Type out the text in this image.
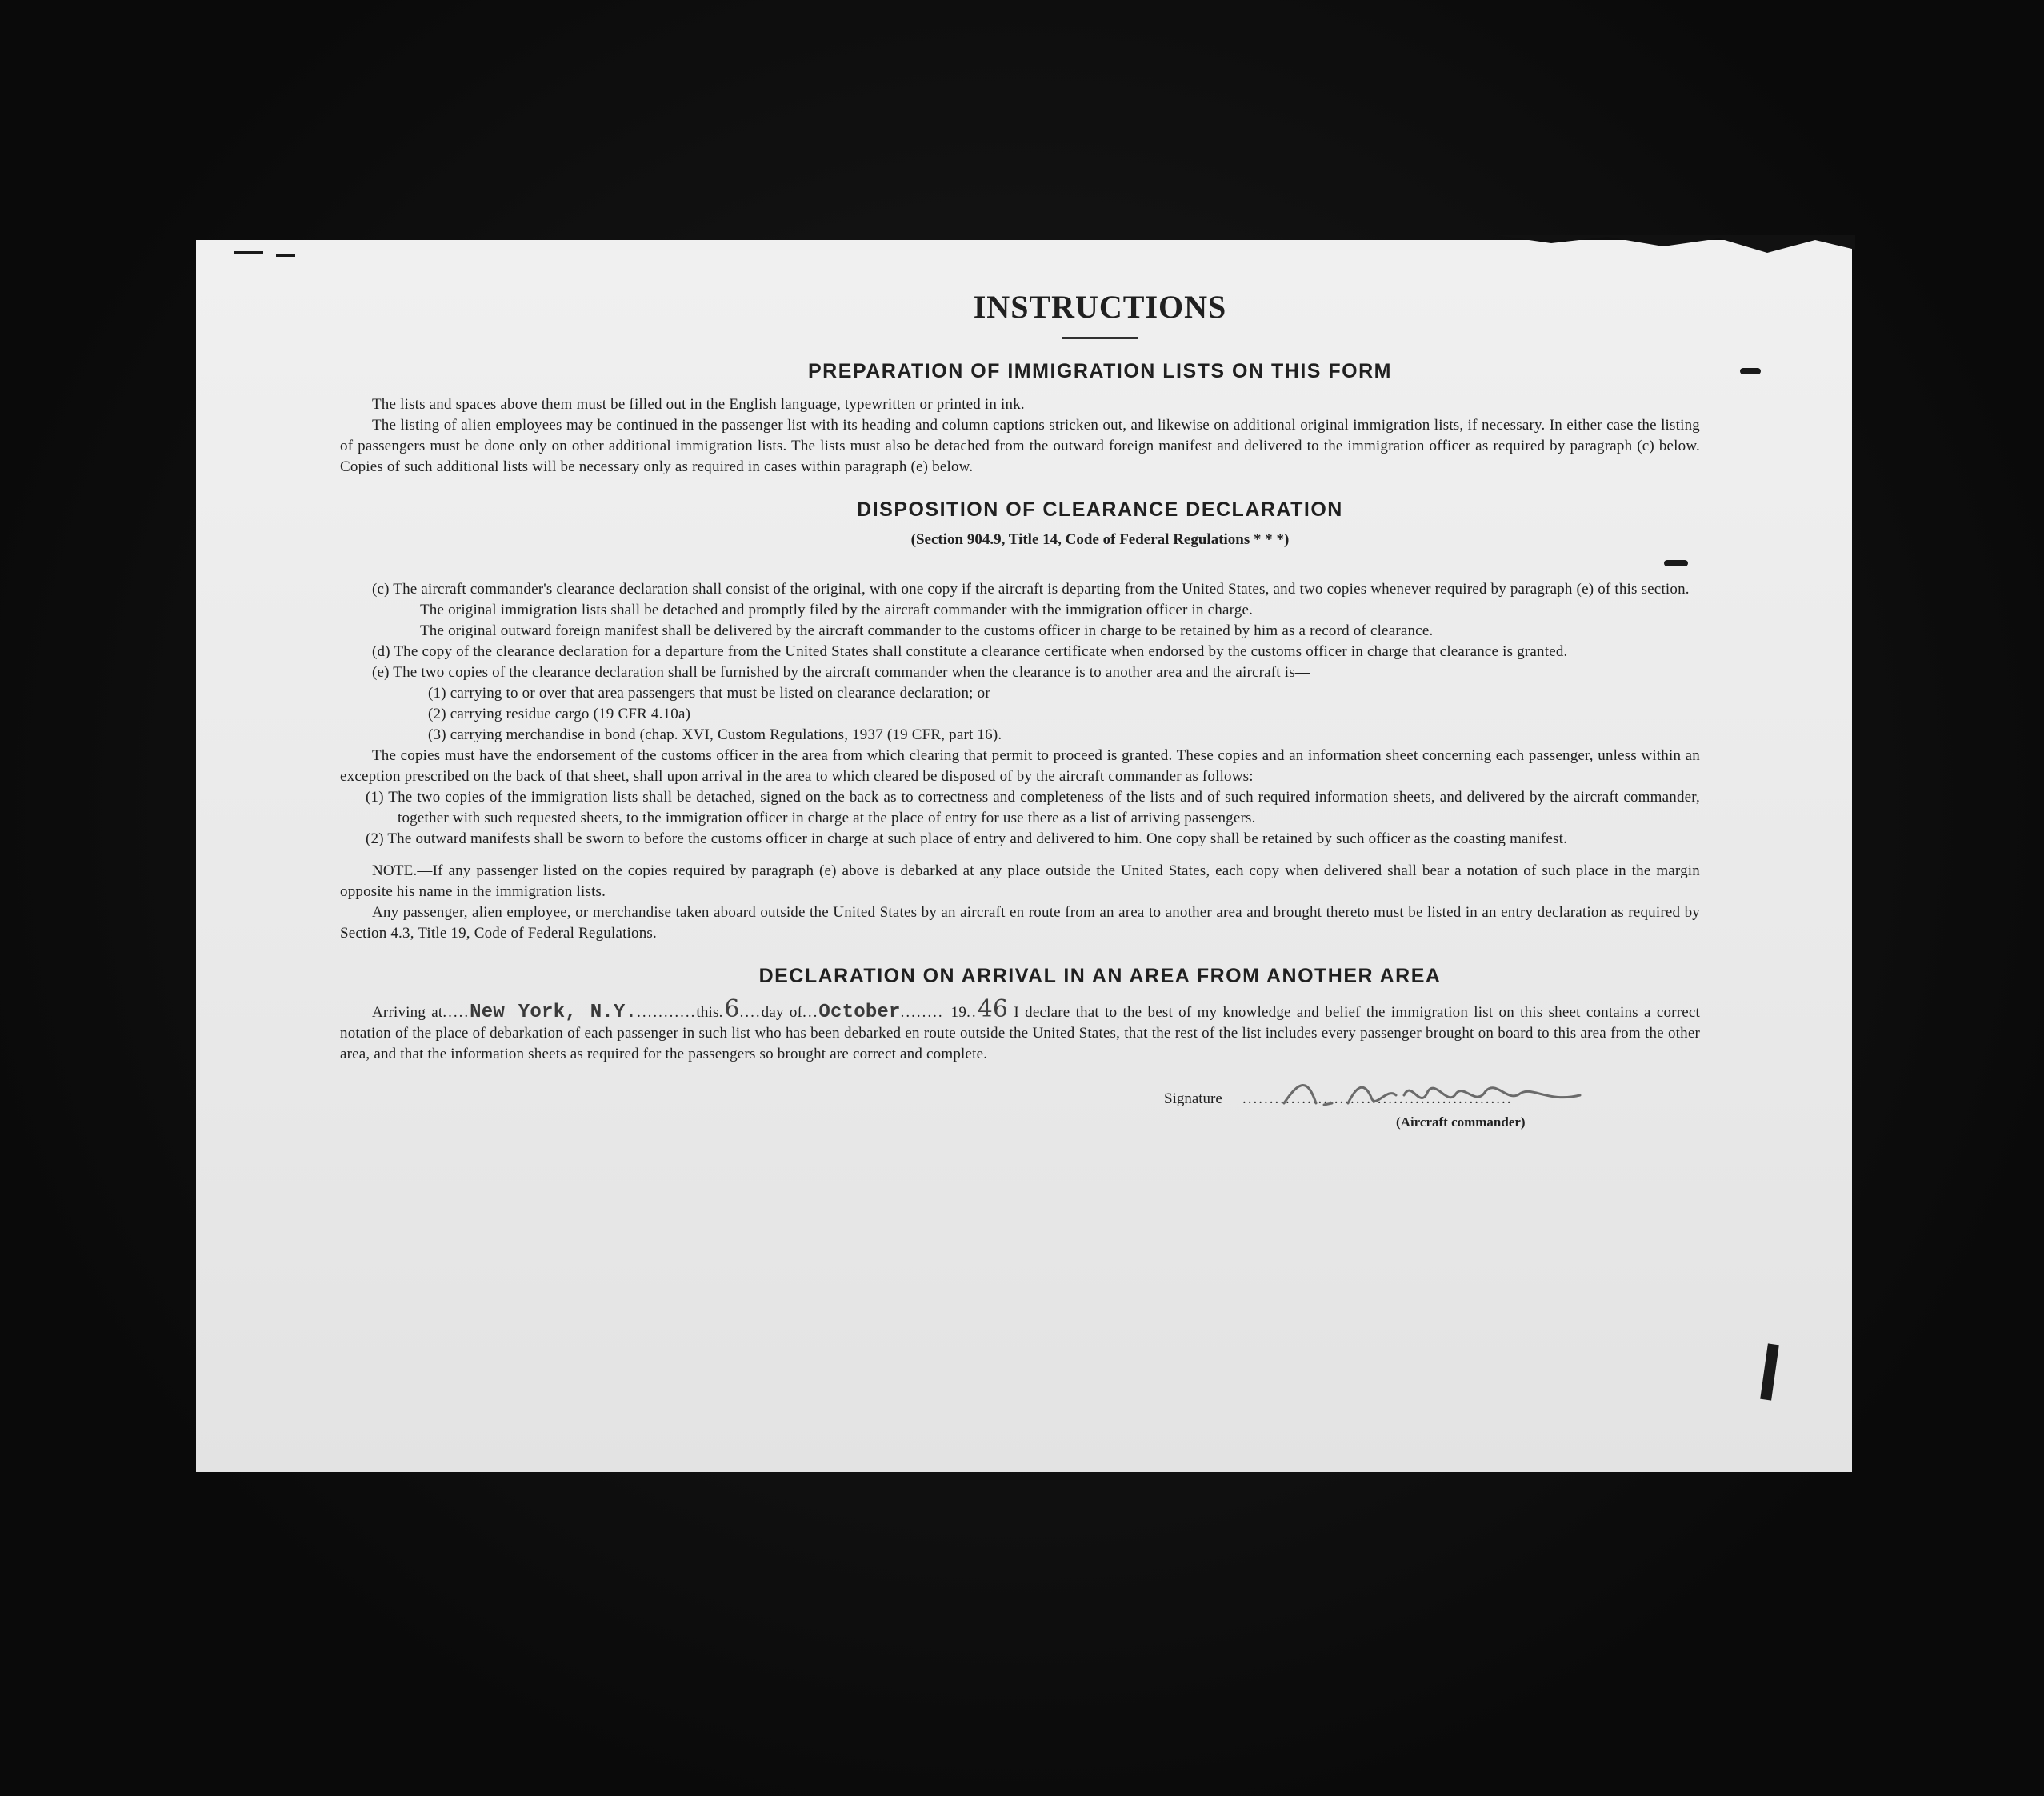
INSTRUCTIONS
PREPARATION OF IMMIGRATION LISTS ON THIS FORM

The lists and spaces above them must be filled out in the English language, typewritten or printed in ink.

The listing of alien employees may be continued in the passenger list with its heading and column captions stricken out, and likewise on additional original immigration lists, if necessary. In either case the listing of passengers must be done only on other additional immigration lists. The lists must also be detached from the outward foreign manifest and delivered to the immigration officer as required by paragraph (c) below. Copies of such additional lists will be necessary only as required in cases within paragraph (e) below.

DISPOSITION OF CLEARANCE DECLARATION
(Section 904.9, Title 14, Code of Federal Regulations * * *)

(c) The aircraft commander's clearance declaration shall consist of the original, with one copy if the aircraft is departing from the United States, and two copies whenever required by paragraph (e) of this section.

The original immigration lists shall be detached and promptly filed by the aircraft commander with the immigration officer in charge.

The original outward foreign manifest shall be delivered by the aircraft commander to the customs officer in charge to be retained by him as a record of clearance.

(d) The copy of the clearance declaration for a departure from the United States shall constitute a clearance certificate when endorsed by the customs officer in charge that clearance is granted.

(e) The two copies of the clearance declaration shall be furnished by the aircraft commander when the clearance is to another area and the aircraft is—

(1) carrying to or over that area passengers that must be listed on clearance declaration; or

(2) carrying residue cargo (19 CFR 4.10a)

(3) carrying merchandise in bond (chap. XVI, Custom Regulations, 1937 (19 CFR, part 16).

The copies must have the endorsement of the customs officer in the area from which clearing that permit to proceed is granted. These copies and an information sheet concerning each passenger, unless within an exception prescribed on the back of that sheet, shall upon arrival in the area to which cleared be disposed of by the aircraft commander as follows:

(1) The two copies of the immigration lists shall be detached, signed on the back as to correctness and completeness of the lists and of such required information sheets, and delivered by the aircraft commander, together with such requested sheets, to the immigration officer in charge at the place of entry for use there as a list of arriving passengers.

(2) The outward manifests shall be sworn to before the customs officer in charge at such place of entry and delivered to him. One copy shall be retained by such officer as the coasting manifest.

NOTE.—If any passenger listed on the copies required by paragraph (e) above is debarked at any place outside the United States, each copy when delivered shall bear a notation of such place in the margin opposite his name in the immigration lists.

Any passenger, alien employee, or merchandise taken aboard outside the United States by an aircraft en route from an area to another area and brought thereto must be listed in an entry declaration as required by Section 4.3, Title 19, Code of Federal Regulations.

DECLARATION ON ARRIVAL IN AN AREA FROM ANOTHER AREA

Arriving at.....New York, N.Y............this.6....day of...October........ 19..46 I declare that to the best of my knowledge and belief the immigration list on this sheet contains a correct notation of the place of debarkation of each passenger in such list who has been debarked en route outside the United States, that the rest of the list includes every passenger brought on board to this area from the other area, and that the information sheets as required for the passengers so brought are correct and complete.

Signature ..................................................
(Aircraft commander)
